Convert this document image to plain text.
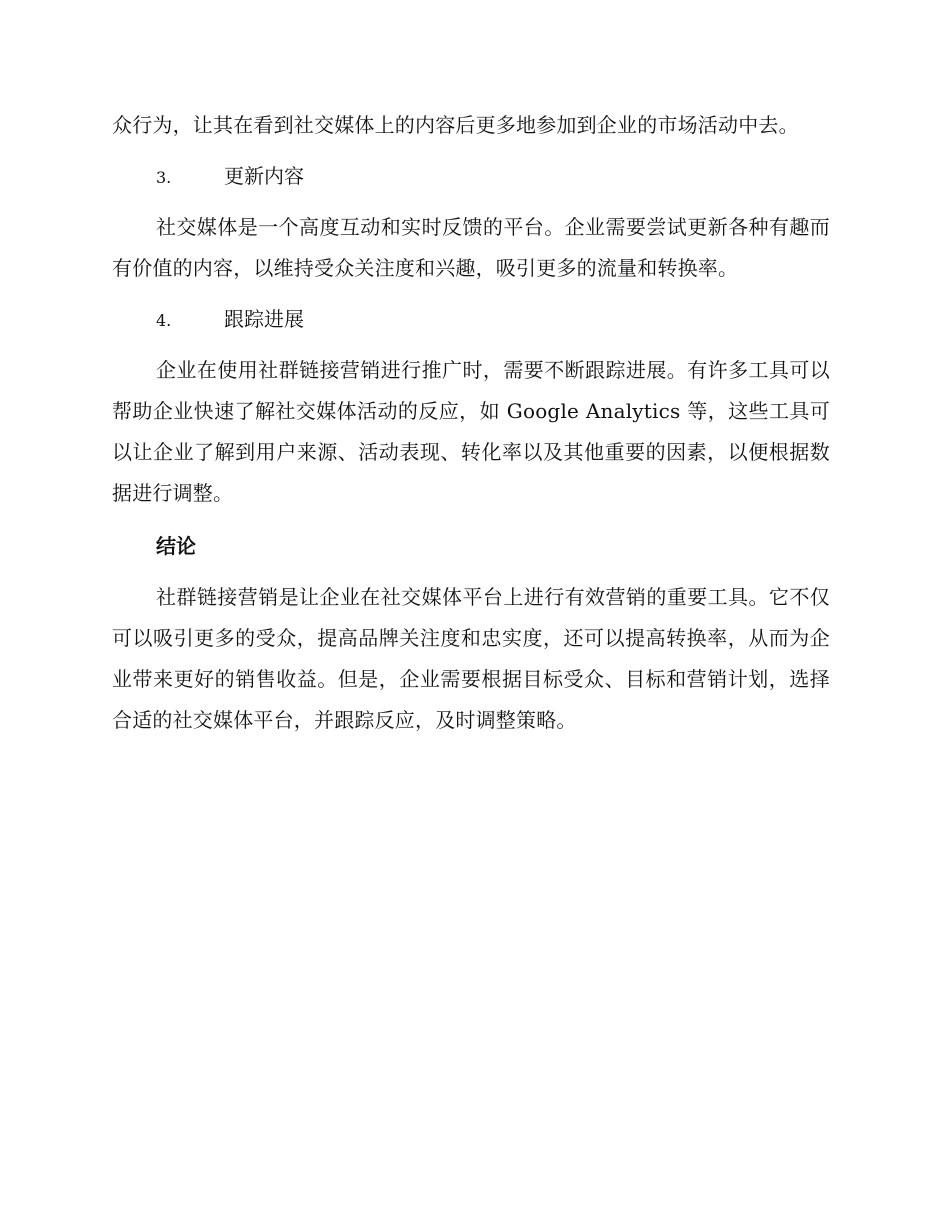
众行为，让其在看到社交媒体上的内容后更多地参加到企业的市场活动中去。

3.	更新内容

社交媒体是一个高度互动和实时反馈的平台。企业需要尝试更新各种有趣而有价值的内容，以维持受众关注度和兴趣，吸引更多的流量和转换率。

4.	跟踪进展

企业在使用社群链接营销进行推广时，需要不断跟踪进展。有许多工具可以帮助企业快速了解社交媒体活动的反应，如 Google Analytics 等，这些工具可以让企业了解到用户来源、活动表现、转化率以及其他重要的因素，以便根据数据进行调整。

结论

社群链接营销是让企业在社交媒体平台上进行有效营销的重要工具。它不仅可以吸引更多的受众，提高品牌关注度和忠实度，还可以提高转换率，从而为企业带来更好的销售收益。但是，企业需要根据目标受众、目标和营销计划，选择合适的社交媒体平台，并跟踪反应，及时调整策略。
